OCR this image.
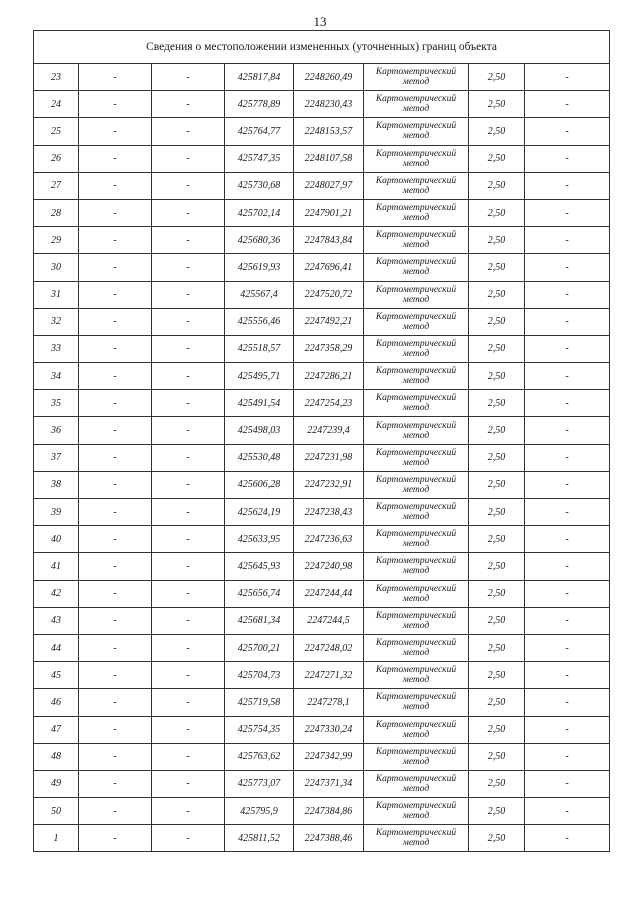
13
Сведения о местоположении измененных (уточненных) границ объекта							
23	-	-	425817,84	2248260,49	Картометрический метод	2,50	-
24	-	-	425778,89	2248230,43	Картометрический метод	2,50	-
25	-	-	425764,77	2248153,57	Картометрический метод	2,50	-
26	-	-	425747,35	2248107,58	Картометрический метод	2,50	-
27	-	-	425730,68	2248027,97	Картометрический метод	2,50	-
28	-	-	425702,14	2247901,21	Картометрический метод	2,50	-
29	-	-	425680,36	2247843,84	Картометрический метод	2,50	-
30	-	-	425619,93	2247696,41	Картометрический метод	2,50	-
31	-	-	425567,4	2247520,72	Картометрический метод	2,50	-
32	-	-	425556,46	2247492,21	Картометрический метод	2,50	-
33	-	-	425518,57	2247358,29	Картометрический метод	2,50	-
34	-	-	425495,71	2247286,21	Картометрический метод	2,50	-
35	-	-	425491,54	2247254,23	Картометрический метод	2,50	-
36	-	-	425498,03	2247239,4	Картометрический метод	2,50	-
37	-	-	425530,48	2247231,98	Картометрический метод	2,50	-
38	-	-	425606,28	2247232,91	Картометрический метод	2,50	-
39	-	-	425624,19	2247238,43	Картометрический метод	2,50	-
40	-	-	425633,95	2247236,63	Картометрический метод	2,50	-
41	-	-	425645,93	2247240,98	Картометрический метод	2,50	-
42	-	-	425656,74	2247244,44	Картометрический метод	2,50	-
43	-	-	425681,34	2247244,5	Картометрический метод	2,50	-
44	-	-	425700,21	2247248,02	Картометрический метод	2,50	-
45	-	-	425704,73	2247271,32	Картометрический метод	2,50	-
46	-	-	425719,58	2247278,1	Картометрический метод	2,50	-
47	-	-	425754,35	2247330,24	Картометрический метод	2,50	-
48	-	-	425763,62	2247342,99	Картометрический метод	2,50	-
49	-	-	425773,07	2247371,34	Картометрический метод	2,50	-
50	-	-	425795,9	2247384,86	Картометрический метод	2,50	-
1	-	-	425811,52	2247388,46	Картометрический метод	2,50	-
